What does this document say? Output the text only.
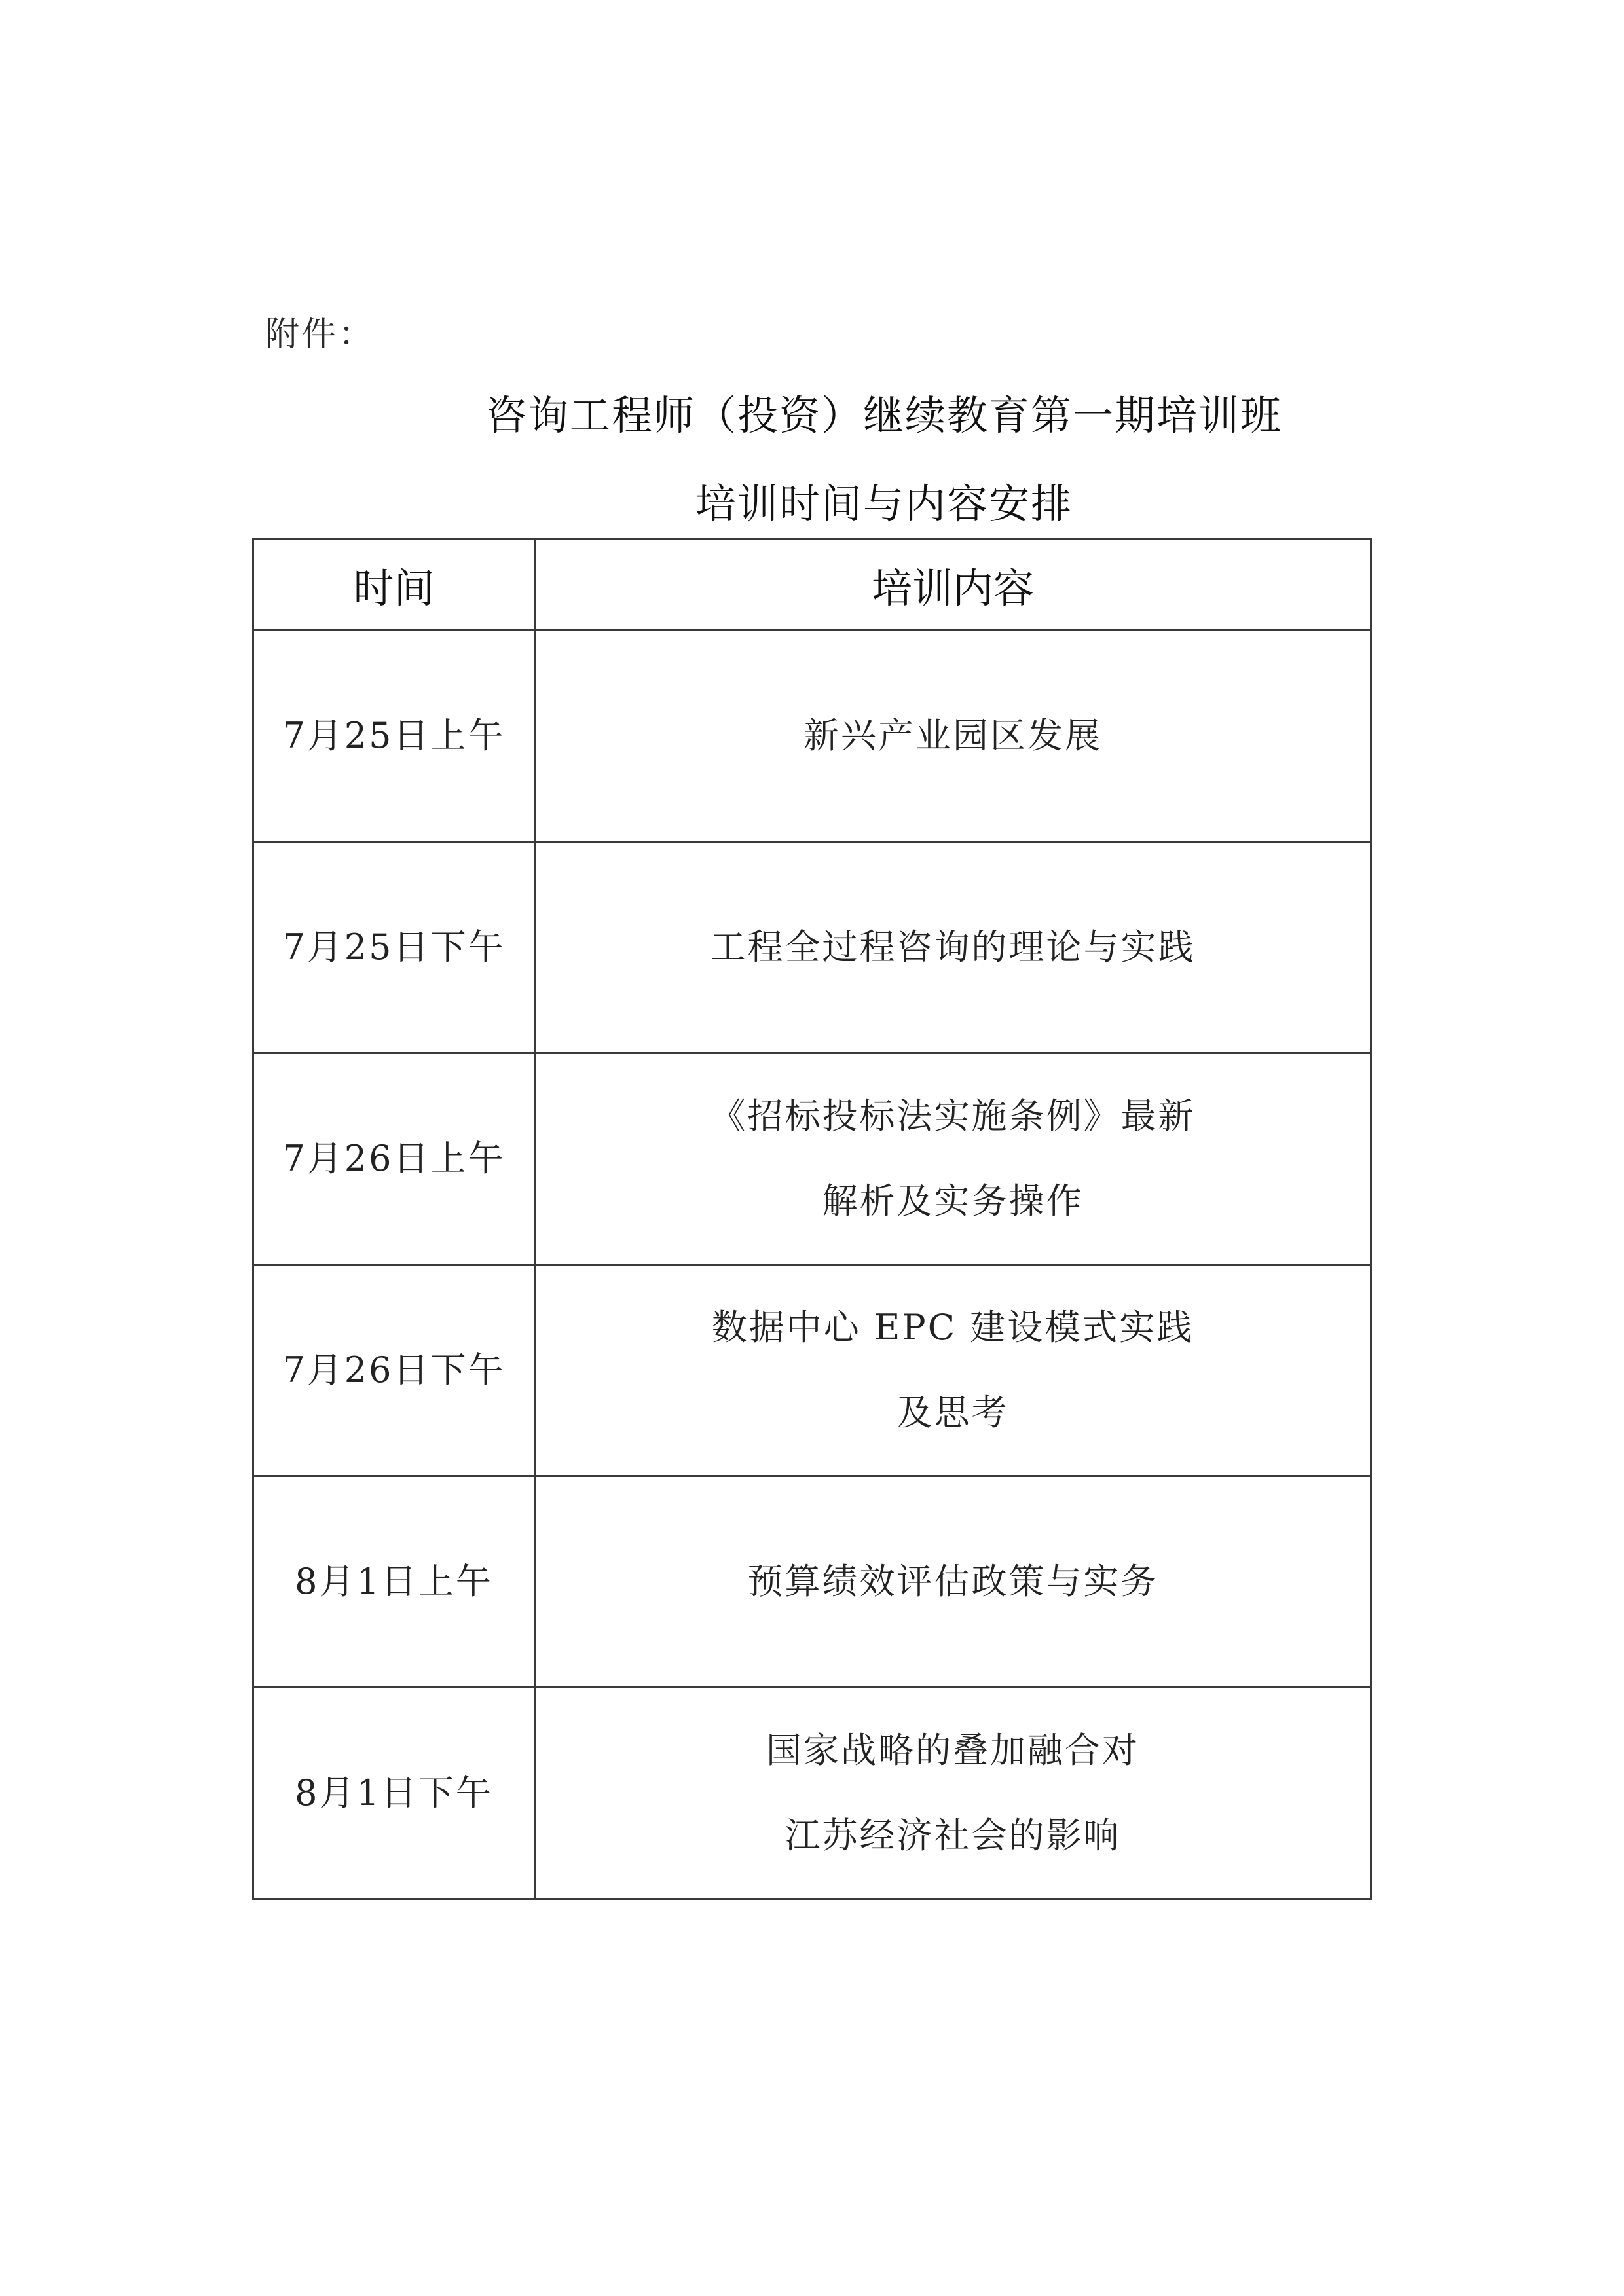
附件：
咨询工程师（投资）继续教育第一期培训班
培训时间与内容安排
时间	培训内容
7月25日上午	新兴产业园区发展

7月25日下午	工程全过程咨询的理论与实践

7月26日上午	《招标投标法实施条例》最新
解析及实务操作

7月26日下午	数据中心 EPC 建设模式实践
及思考

8月1日上午	预算绩效评估政策与实务

8月1日下午	国家战略的叠加融合对
江苏经济社会的影响
